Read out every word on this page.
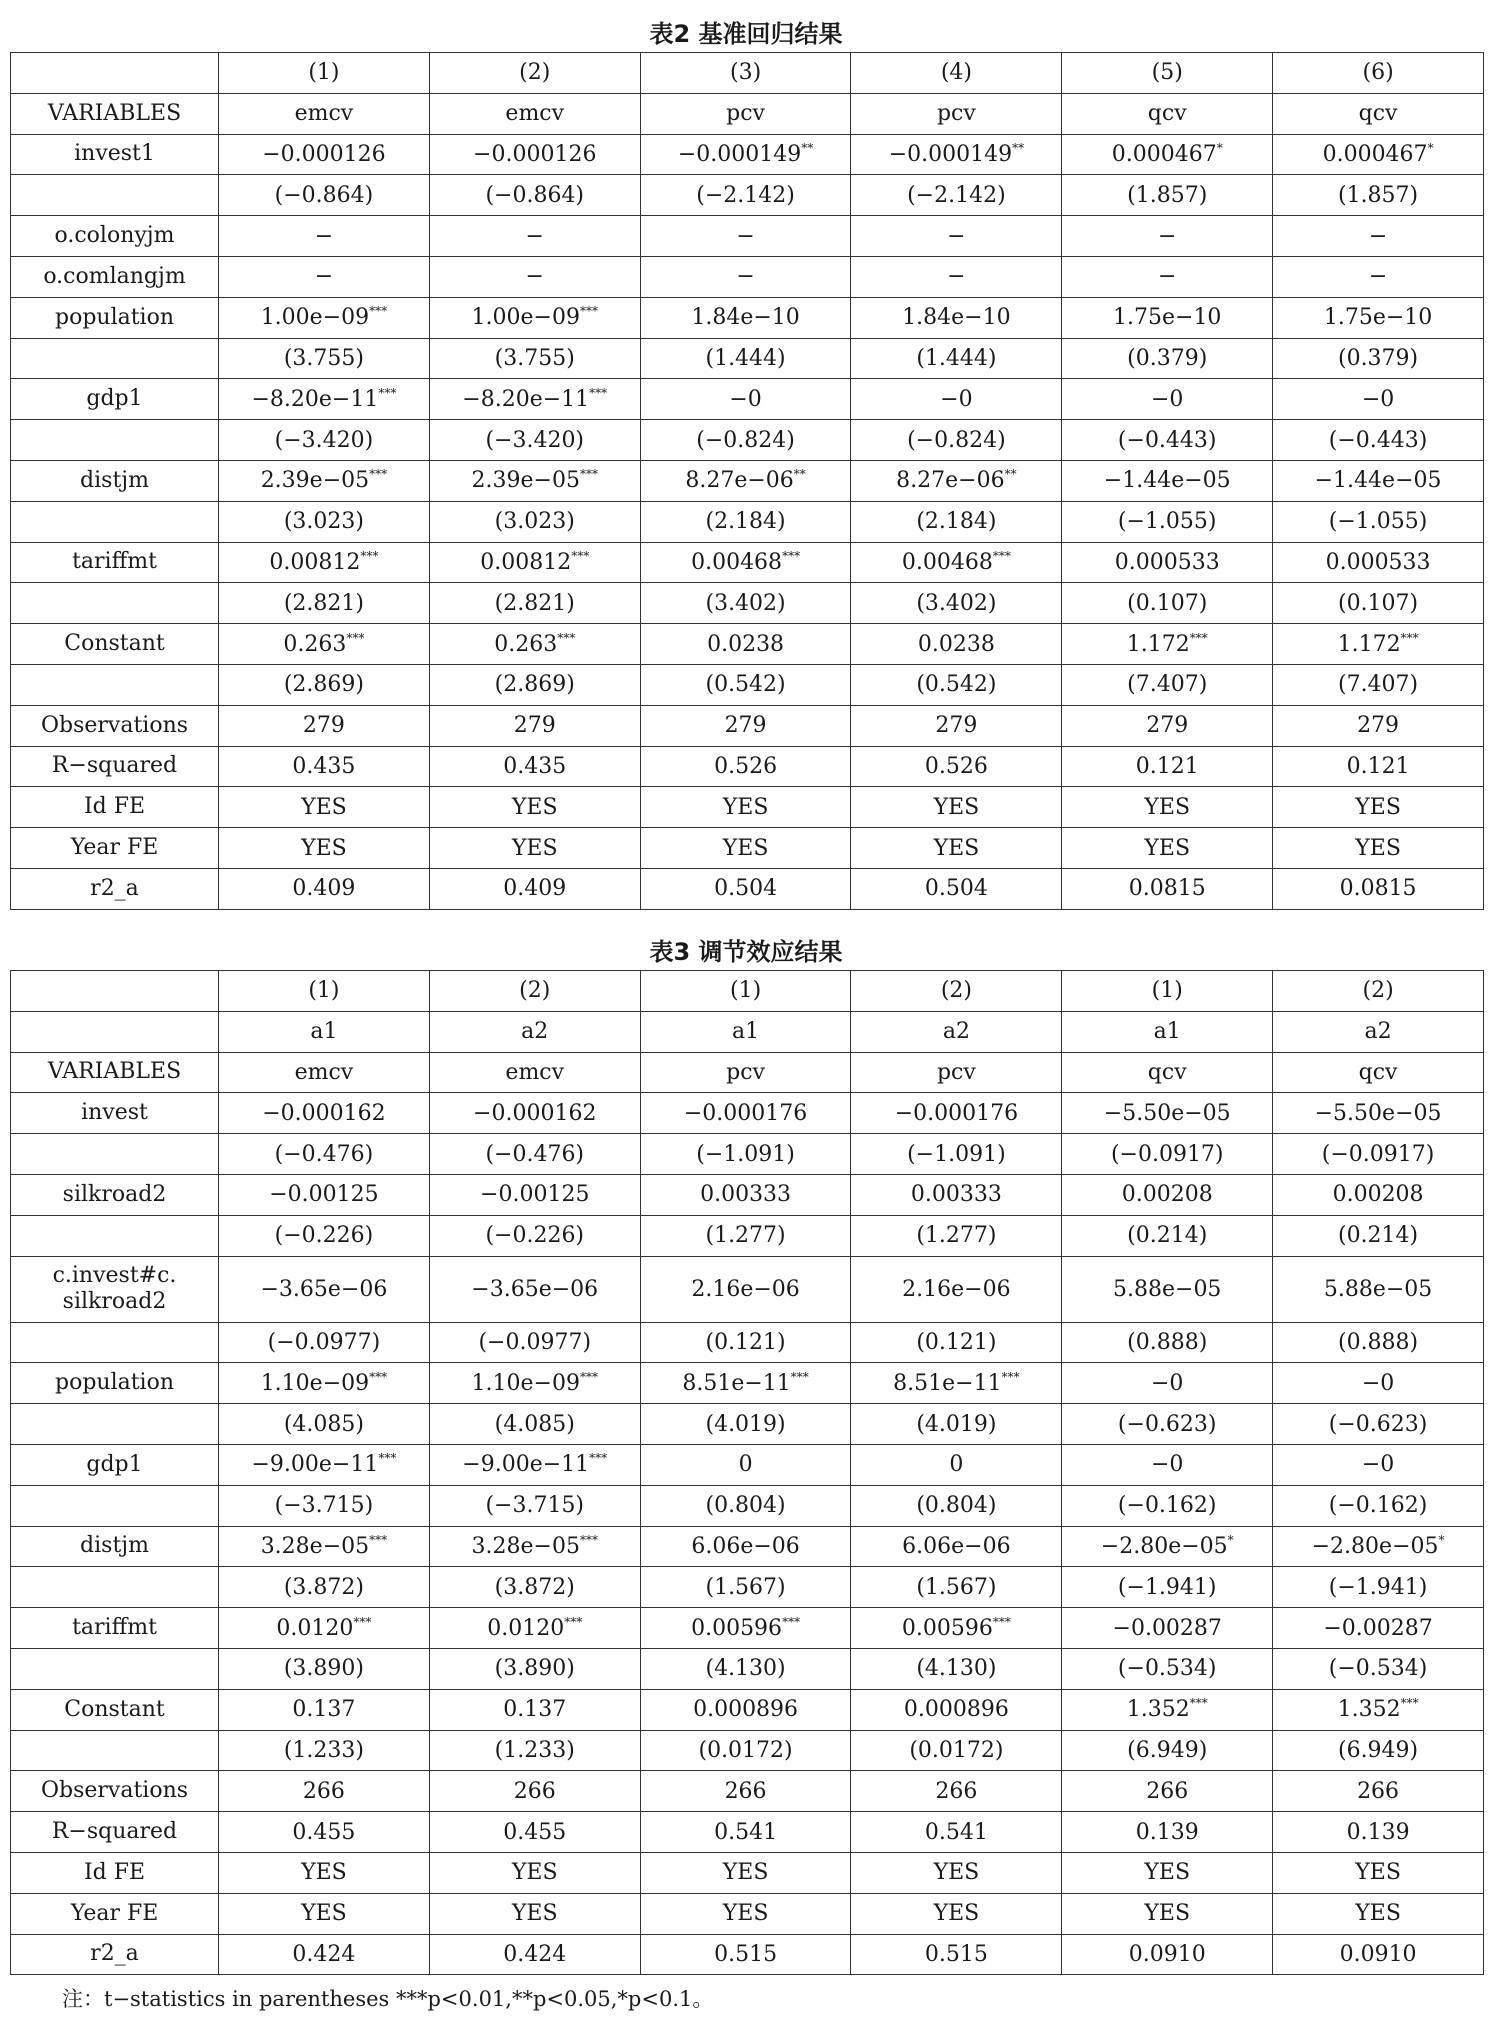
表2 基准回归结果
	(1)	(2)	(3)	(4)	(5)	(6)
VARIABLES	emcv	emcv	pcv	pcv	qcv	qcv
invest1	−0.000126	−0.000126	−0.000149**	−0.000149**	0.000467*	0.000467*
	(−0.864)	(−0.864)	(−2.142)	(−2.142)	(1.857)	(1.857)
o.colonyjm	−	−	−	−	−	−
o.comlangjm	−	−	−	−	−	−
population	1.00e−09***	1.00e−09***	1.84e−10	1.84e−10	1.75e−10	1.75e−10
	(3.755)	(3.755)	(1.444)	(1.444)	(0.379)	(0.379)
gdp1	−8.20e−11***	−8.20e−11***	−0	−0	−0	−0
	(−3.420)	(−3.420)	(−0.824)	(−0.824)	(−0.443)	(−0.443)
distjm	2.39e−05***	2.39e−05***	8.27e−06**	8.27e−06**	−1.44e−05	−1.44e−05
	(3.023)	(3.023)	(2.184)	(2.184)	(−1.055)	(−1.055)
tariffmt	0.00812***	0.00812***	0.00468***	0.00468***	0.000533	0.000533
	(2.821)	(2.821)	(3.402)	(3.402)	(0.107)	(0.107)
Constant	0.263***	0.263***	0.0238	0.0238	1.172***	1.172***
	(2.869)	(2.869)	(0.542)	(0.542)	(7.407)	(7.407)
Observations	279	279	279	279	279	279
R−squared	0.435	0.435	0.526	0.526	0.121	0.121
Id FE	YES	YES	YES	YES	YES	YES
Year FE	YES	YES	YES	YES	YES	YES
r2_a	0.409	0.409	0.504	0.504	0.0815	0.0815
表3 调节效应结果
	(1)	(2)	(1)	(2)	(1)	(2)
	a1	a2	a1	a2	a1	a2
VARIABLES	emcv	emcv	pcv	pcv	qcv	qcv
invest	−0.000162	−0.000162	−0.000176	−0.000176	−5.50e−05	−5.50e−05
	(−0.476)	(−0.476)	(−1.091)	(−1.091)	(−0.0917)	(−0.0917)
silkroad2	−0.00125	−0.00125	0.00333	0.00333	0.00208	0.00208
	(−0.226)	(−0.226)	(1.277)	(1.277)	(0.214)	(0.214)
c.invest#c. silkroad2	−3.65e−06	−3.65e−06	2.16e−06	2.16e−06	5.88e−05	5.88e−05
	(−0.0977)	(−0.0977)	(0.121)	(0.121)	(0.888)	(0.888)
population	1.10e−09***	1.10e−09***	8.51e−11***	8.51e−11***	−0	−0
	(4.085)	(4.085)	(4.019)	(4.019)	(−0.623)	(−0.623)
gdp1	−9.00e−11***	−9.00e−11***	0	0	−0	−0
	(−3.715)	(−3.715)	(0.804)	(0.804)	(−0.162)	(−0.162)
distjm	3.28e−05***	3.28e−05***	6.06e−06	6.06e−06	−2.80e−05*	−2.80e−05*
	(3.872)	(3.872)	(1.567)	(1.567)	(−1.941)	(−1.941)
tariffmt	0.0120***	0.0120***	0.00596***	0.00596***	−0.00287	−0.00287
	(3.890)	(3.890)	(4.130)	(4.130)	(−0.534)	(−0.534)
Constant	0.137	0.137	0.000896	0.000896	1.352***	1.352***
	(1.233)	(1.233)	(0.0172)	(0.0172)	(6.949)	(6.949)
Observations	266	266	266	266	266	266
R−squared	0.455	0.455	0.541	0.541	0.139	0.139
Id FE	YES	YES	YES	YES	YES	YES
Year FE	YES	YES	YES	YES	YES	YES
r2_a	0.424	0.424	0.515	0.515	0.0910	0.0910
注：t−statistics in parentheses ***p<0.01,**p<0.05,*p<0.1。
